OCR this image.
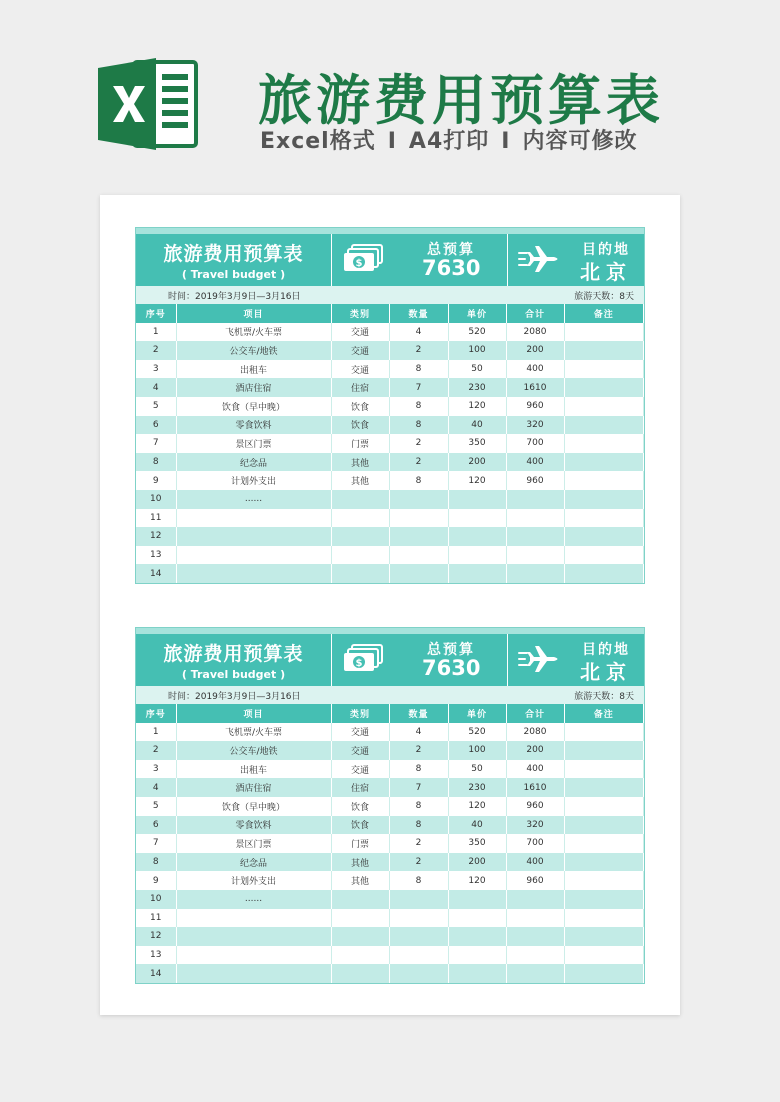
旅游费用预算表
Excel格式 I A4打印 I 内容可修改
旅游费用预算表
( Travel budget )
$
总预算
7630
目的地
北京
时间：2019年3月9日—3月16日	旅游天数：8天
序号	项目	类别	数量	单价	合计	备注
1	飞机票/火车票	交通	4	520	2080	
2	公交车/地铁	交通	2	100	200	
3	出租车	交通	8	50	400	
4	酒店住宿	住宿	7	230	1610	
5	饮食（早中晚）	饮食	8	120	960	
6	零食饮料	饮食	8	40	320	
7	景区门票	门票	2	350	700	
8	纪念品	其他	2	200	400	
9	计划外支出	其他	8	120	960	
10	......					
11						
12						
13						
14						
旅游费用预算表
( Travel budget )
$
总预算
7630
目的地
北京
时间：2019年3月9日—3月16日	旅游天数：8天
序号	项目	类别	数量	单价	合计	备注
1	飞机票/火车票	交通	4	520	2080	
2	公交车/地铁	交通	2	100	200	
3	出租车	交通	8	50	400	
4	酒店住宿	住宿	7	230	1610	
5	饮食（早中晚）	饮食	8	120	960	
6	零食饮料	饮食	8	40	320	
7	景区门票	门票	2	350	700	
8	纪念品	其他	2	200	400	
9	计划外支出	其他	8	120	960	
10	......					
11						
12						
13						
14						
